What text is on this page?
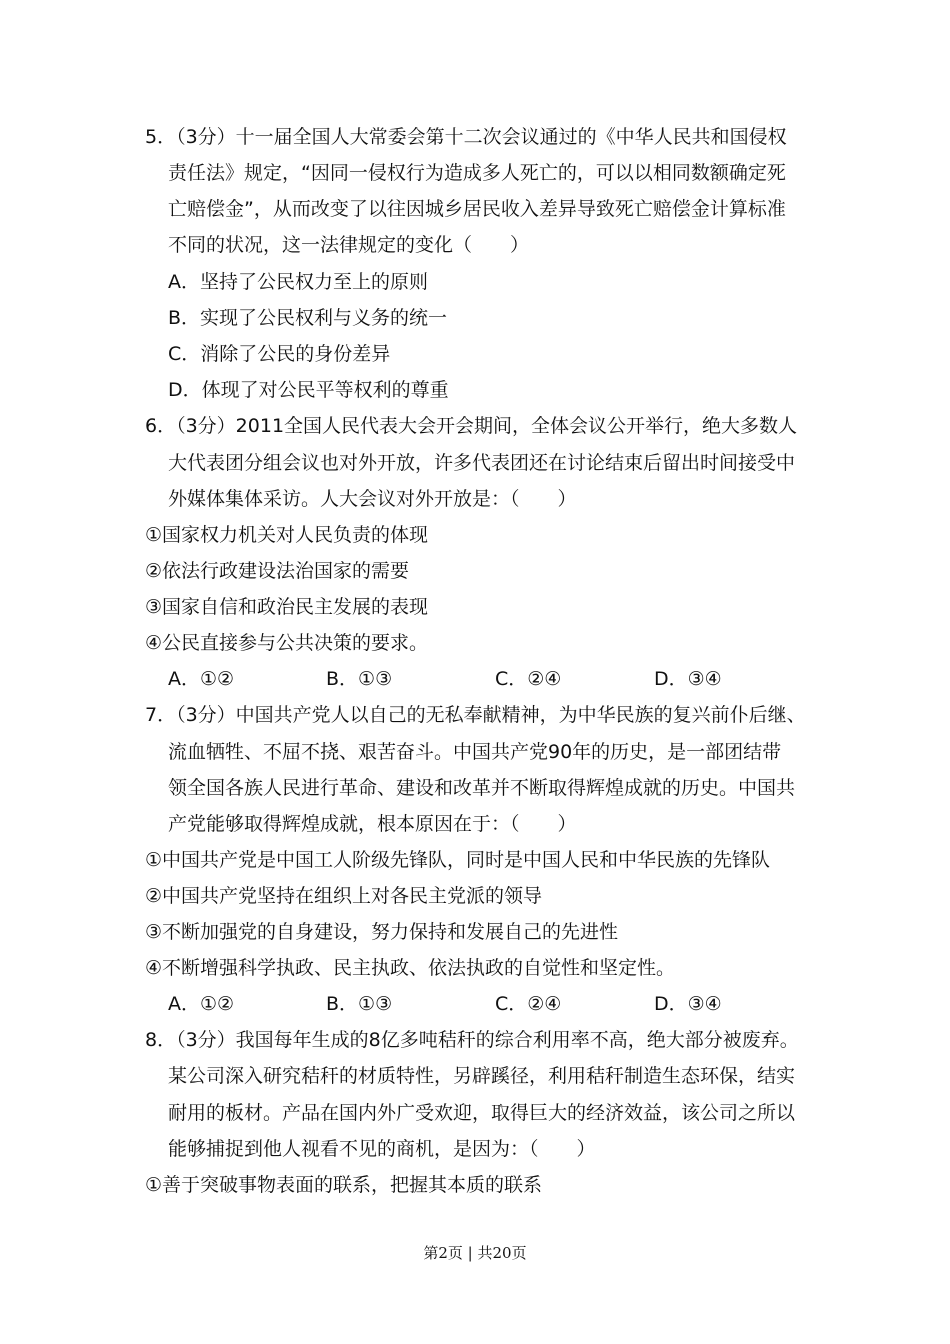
5．（3分）十一届全国人大常委会第十二次会议通过的《中华人民共和国侵权
责任法》规定，“因同一侵权行为造成多人死亡的，可以以相同数额确定死
亡赔偿金”，从而改变了以往因城乡居民收入差异导致死亡赔偿金计算标准
不同的状况，这一法律规定的变化（　　）
A．坚持了公民权力至上的原则
B．实现了公民权利与义务的统一
C．消除了公民的身份差异
D．体现了对公民平等权利的尊重
6．（3分）2011全国人民代表大会开会期间，全体会议公开举行，绝大多数人
大代表团分组会议也对外开放，许多代表团还在讨论结束后留出时间接受中
外媒体集体采访。人大会议对外开放是：（　　）
①国家权力机关对人民负责的体现
②依法行政建设法治国家的需要
③国家自信和政治民主发展的表现
④公民直接参与公共决策的要求。
A．①②	B．①③	C．②④	D．③④
7．（3分）中国共产党人以自己的无私奉献精神，为中华民族的复兴前仆后继、
流血牺牲、不屈不挠、艰苦奋斗。中国共产党90年的历史，是一部团结带
领全国各族人民进行革命、建设和改革并不断取得辉煌成就的历史。中国共
产党能够取得辉煌成就，根本原因在于：（　　）
①中国共产党是中国工人阶级先锋队，同时是中国人民和中华民族的先锋队
②中国共产党坚持在组织上对各民主党派的领导
③不断加强党的自身建设，努力保持和发展自己的先进性
④不断增强科学执政、民主执政、依法执政的自觉性和坚定性。
A．①②	B．①③	C．②④	D．③④
8．（3分）我国每年生成的8亿多吨秸秆的综合利用率不高，绝大部分被废弃。
某公司深入研究秸秆的材质特性，另辟蹊径，利用秸秆制造生态环保，结实
耐用的板材。产品在国内外广受欢迎，取得巨大的经济效益，该公司之所以
能够捕捉到他人视看不见的商机，是因为：（　　）
①善于突破事物表面的联系，把握其本质的联系
第2页 | 共20页
